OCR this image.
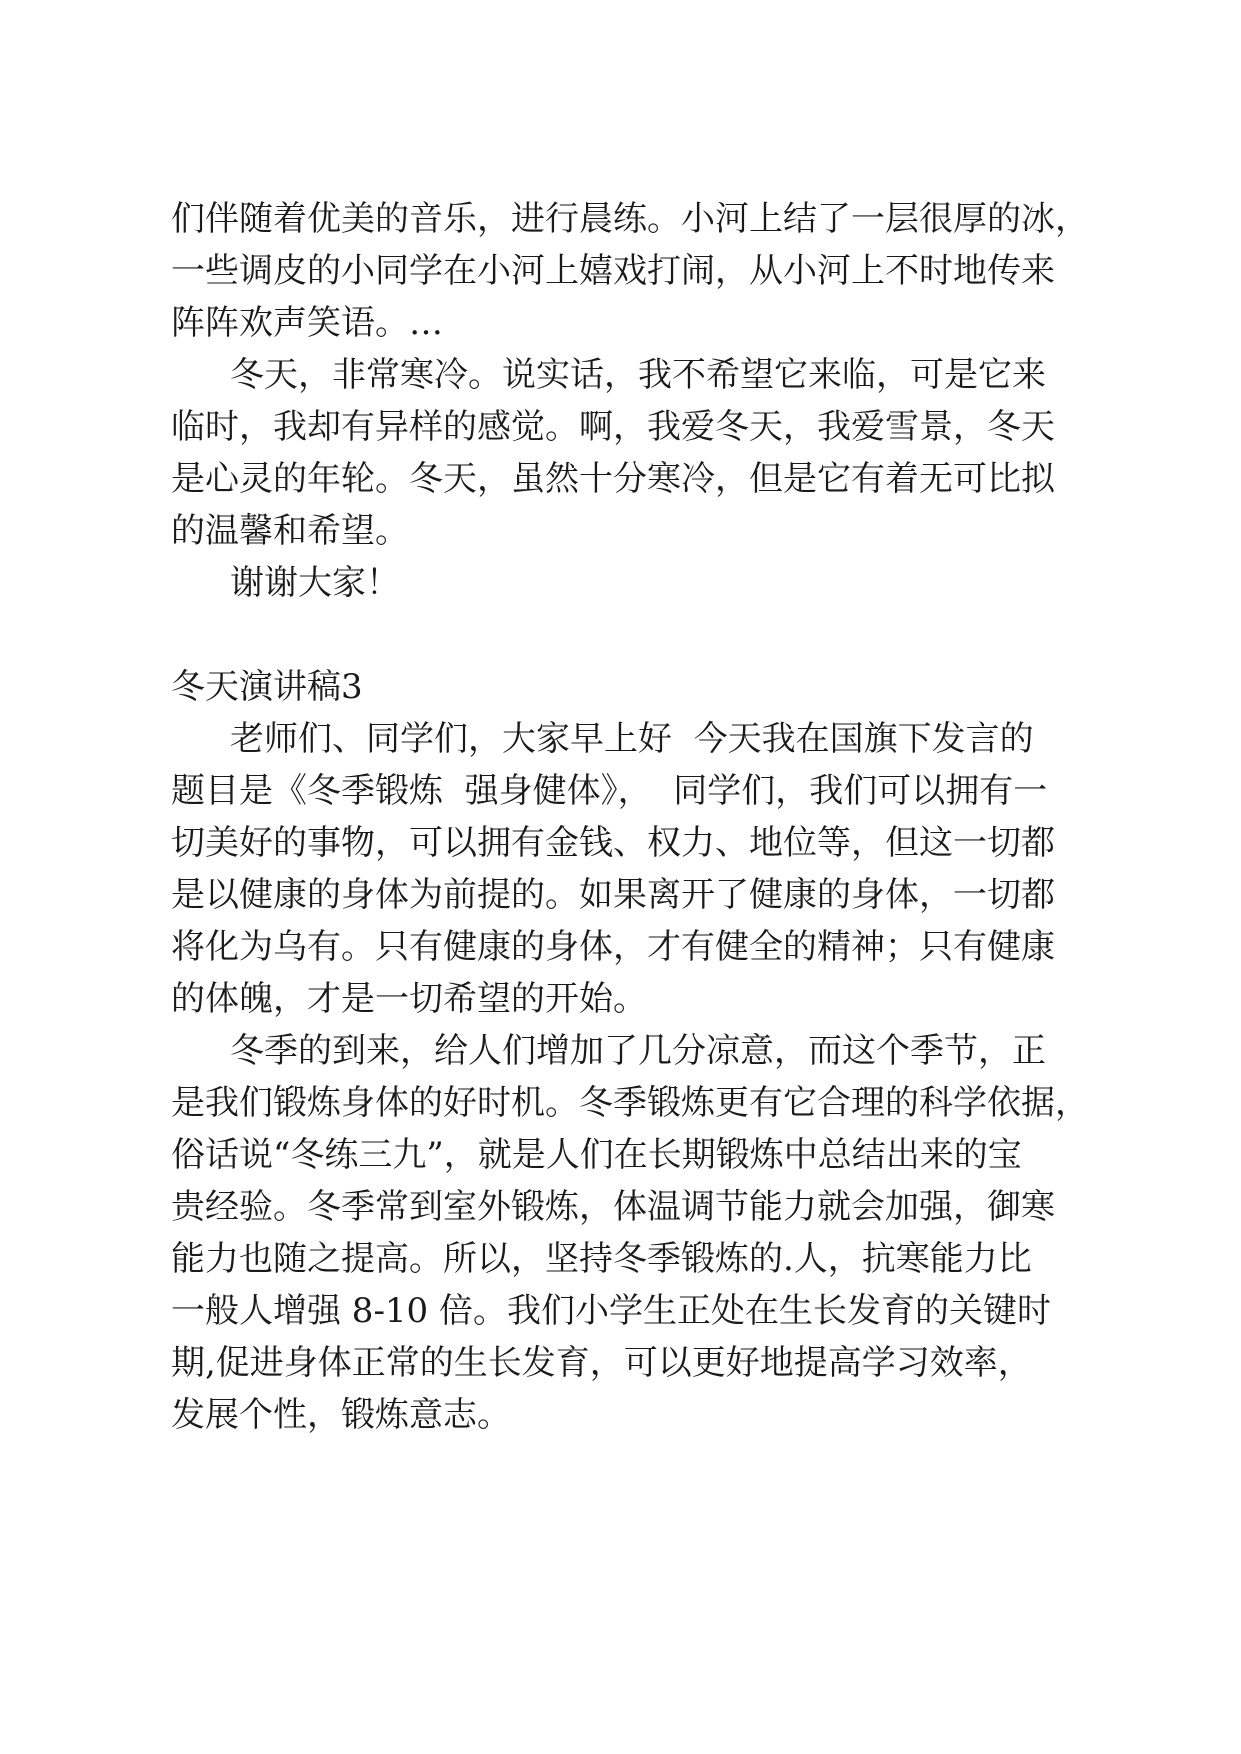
们伴随着优美的音乐，进行晨练。小河上结了一层很厚的冰，
一些调皮的小同学在小河上嬉戏打闹，从小河上不时地传来
阵阵欢声笑语。…
冬天，非常寒冷。说实话，我不希望它来临，可是它来
临时，我却有异样的感觉。啊，我爱冬天，我爱雪景，冬天
是心灵的年轮。冬天，虽然十分寒冷，但是它有着无可比拟
的温馨和希望。
谢谢大家！
冬天演讲稿3
老师们、同学们，大家早上好  今天我在国旗下发言的
题目是《冬季锻炼  强身健体》，  同学们，我们可以拥有一
切美好的事物，可以拥有金钱、权力、地位等，但这一切都
是以健康的身体为前提的。如果离开了健康的身体，一切都
将化为乌有。只有健康的身体，才有健全的精神；只有健康
的体魄，才是一切希望的开始。
冬季的到来，给人们增加了几分凉意，而这个季节，正
是我们锻炼身体的好时机。冬季锻炼更有它合理的科学依据，
俗话说“冬练三九”，就是人们在长期锻炼中总结出来的宝
贵经验。冬季常到室外锻炼，体温调节能力就会加强，御寒
能力也随之提高。所以，坚持冬季锻炼的.人，抗寒能力比
一般人增强 8-10 倍。我们小学生正处在生长发育的关键时
期,促进身体正常的生长发育，可以更好地提高学习效率，
发展个性，锻炼意志。
